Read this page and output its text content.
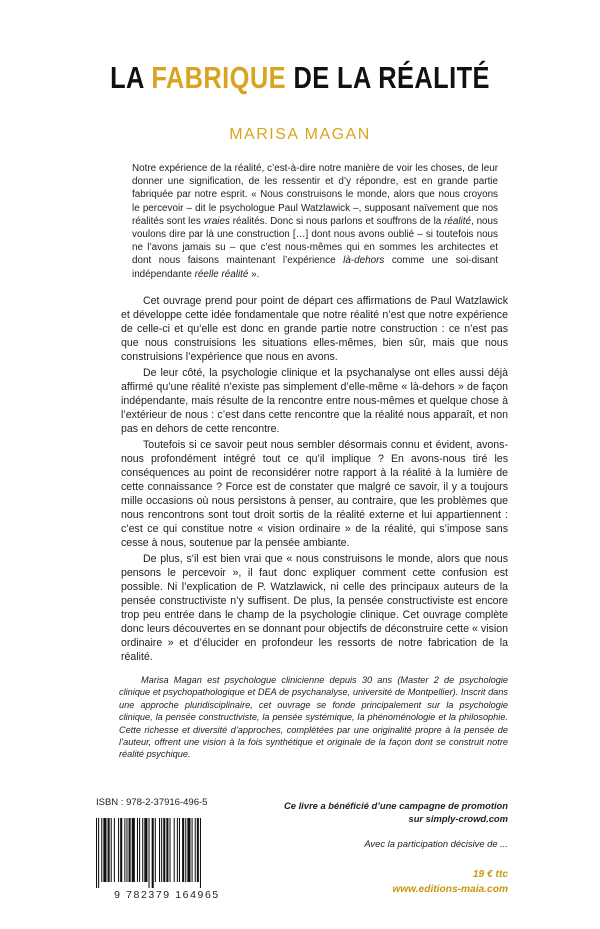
LA FABRIQUE DE LA RÉALITÉ

MARISA MAGAN

Notre expérience de la réalité, c’est-à-dire notre manière de voir les choses, de leur donner une signification, de les ressentir et d’y répondre, est en grande partie fabriquée par notre esprit. « Nous construisons le monde, alors que nous croyons le percevoir – dit le psychologue Paul Watzlawick –, supposant naïvement que nos réalités sont les vraies réalités. Donc si nous parlons et souffrons de la réalité, nous voulons dire par là une construction […] dont nous avons oublié – si toutefois nous ne l’avons jamais su – que c’est nous-mêmes qui en sommes les architectes et dont nous faisons maintenant l’expérience là-dehors comme une soi-disant indépendante réelle réalité ».

Cet ouvrage prend pour point de départ ces affirmations de Paul Watzlawick et développe cette idée fondamentale que notre réalité n’est que notre expérience de celle-ci et qu’elle est donc en grande partie notre construction : ce n’est pas que nous construisions les situations elles-mêmes, bien sûr, mais que nous construisions l’expérience que nous en avons.

De leur côté, la psychologie clinique et la psychanalyse ont elles aussi déjà affirmé qu’une réalité n’existe pas simplement d’elle-même « là-dehors » de façon indépendante, mais résulte de la rencontre entre nous-mêmes et quelque chose à l’extérieur de nous : c’est dans cette rencontre que la réalité nous apparaît, et non pas en dehors de cette rencontre.

Toutefois si ce savoir peut nous sembler désormais connu et évident, avons-nous profondément intégré tout ce qu’il implique ? En avons-nous tiré les conséquences au point de reconsidérer notre rapport à la réalité à la lumière de cette connaissance ? Force est de constater que malgré ce savoir, il y a toujours mille occasions où nous persistons à penser, au contraire, que les problèmes que nous rencontrons sont tout droit sortis de la réalité externe et lui appartiennent : c’est ce qui constitue notre « vision ordinaire » de la réalité, qui s’impose sans cesse à nous, soutenue par la pensée ambiante.

De plus, s’il est bien vrai que « nous construisons le monde, alors que nous pensons le percevoir », il faut donc expliquer comment cette confusion est possible. Ni l’explication de P. Watzlawick, ni celle des principaux auteurs de la pensée constructiviste n’y suffisent. De plus, la pensée constructiviste est encore trop peu entrée dans le champ de la psychologie clinique. Cet ouvrage complète donc leurs découvertes en se donnant pour objectifs de déconstruire cette « vision ordinaire » et d’élucider en profondeur les ressorts de notre fabrication de la réalité.

Marisa Magan est psychologue clinicienne depuis 30 ans (Master 2 de psychologie clinique et psychopathologique et DEA de psychanalyse, université de Montpellier). Inscrit dans une approche pluridisciplinaire, cet ouvrage se fonde principalement sur la psychologie clinique, la pensée constructiviste, la pensée systémique, la phénoménologie et la philosophie. Cette richesse et diversité d’approches, complétées par une originalité propre à la pensée de l’auteur, offrent une vision à la fois synthétique et originale de la façon dont se construit notre réalité psychique.

ISBN : 978-2-37916-496-5

9 782379 164965

Ce livre a bénéficié d’une campagne de promotion
sur simply-crowd.com

Avec la participation décisive de ...

19 € ttc

www.editions-maia.com
